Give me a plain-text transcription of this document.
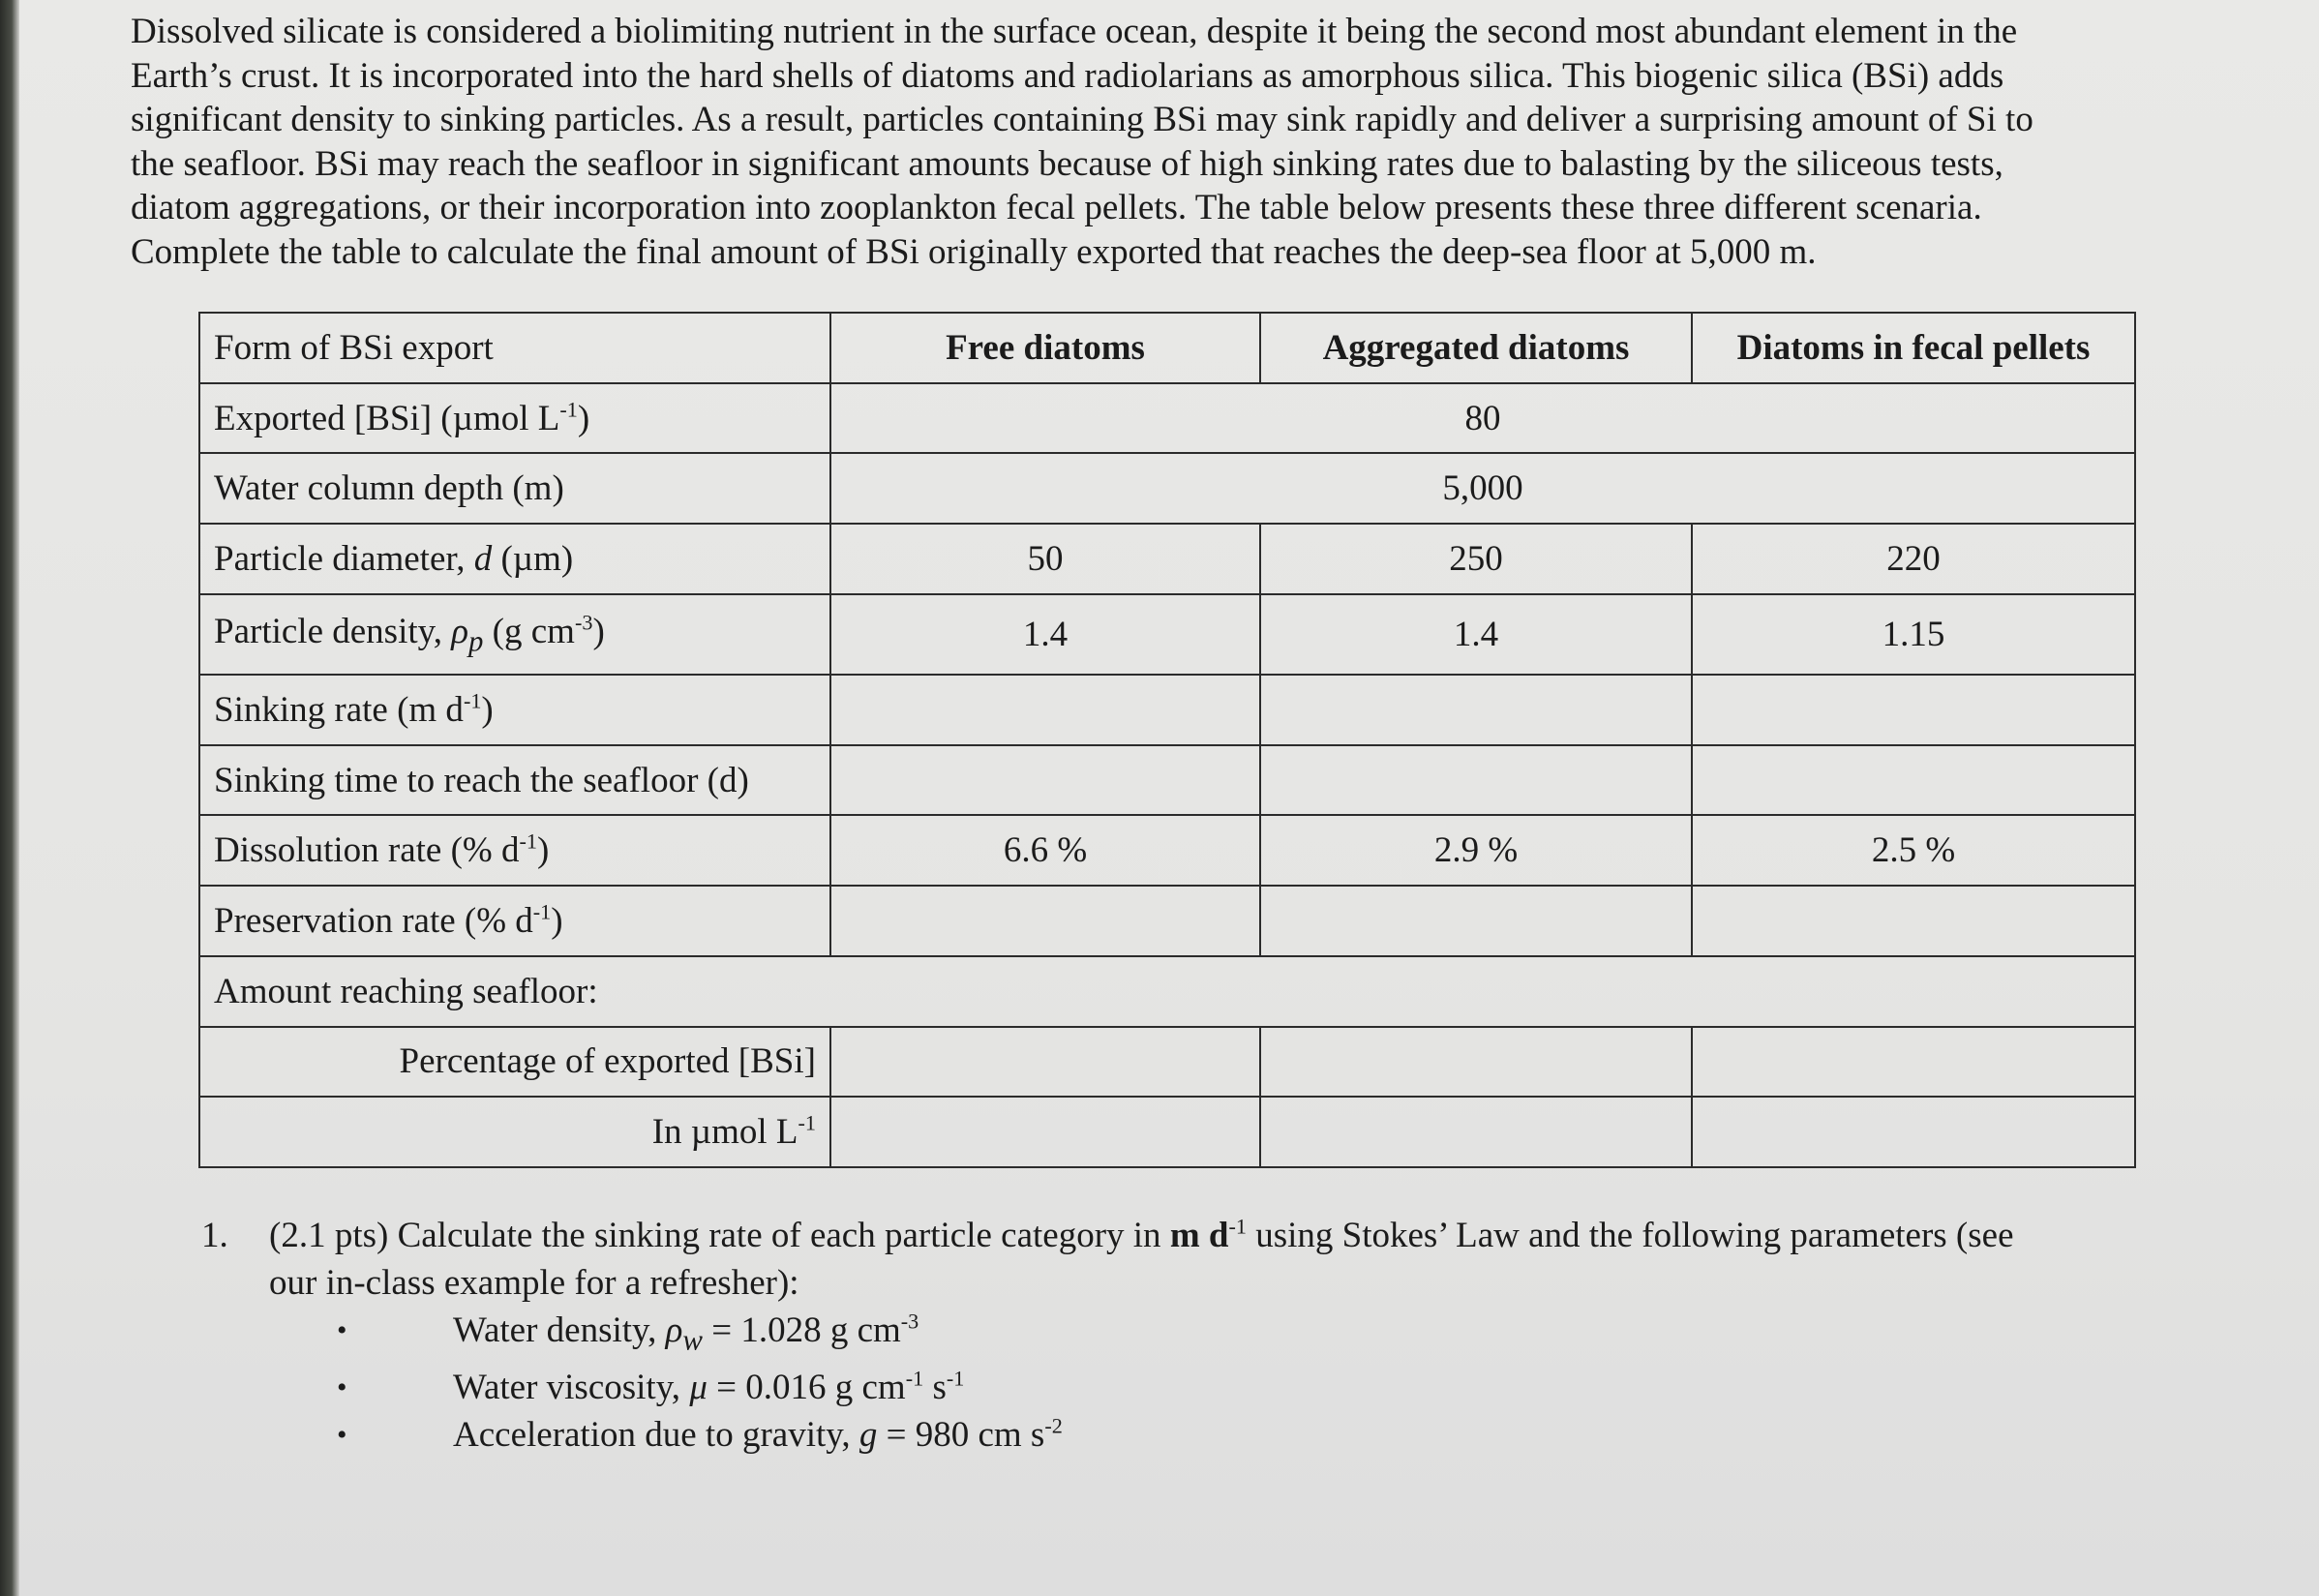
Dissolved silicate is considered a biolimiting nutrient in the surface ocean, despite it being the second most abundant element in the

Earth’s crust. It is incorporated into the hard shells of diatoms and radiolarians as amorphous silica. This biogenic silica (BSi) adds

significant density to sinking particles. As a result, particles containing BSi may sink rapidly and deliver a surprising amount of Si to

the seafloor. BSi may reach the seafloor in significant amounts because of high sinking rates due to balasting by the siliceous tests,

diatom aggregations, or their incorporation into zooplankton fecal pellets. The table below presents these three different scenaria.

Complete the table to calculate the final amount of BSi originally exported that reaches the deep-sea floor at 5,000 m.

Form of BSi export	Free diatoms	Aggregated diatoms	Diatoms in fecal pellets
Exported [BSi] (µmol $L^{-1}$)	80		
Water column depth (m)	5,000		
Particle diameter, d (µm)	50	250	220
Particle density, $\rho_p$ (g $cm^{-3}$)	1.4	1.4	1.15
Sinking rate (m $d^{-1}$)			
Sinking time to reach the seafloor (d)			
Dissolution rate (% $d^{-1}$)	6.6 %	2.9 %	2.5 %
Preservation rate (% $d^{-1}$)			
Amount reaching seafloor:			
Percentage of exported [BSi]			
In µmol $L^{-1}$			
1. (2.1 pts) Calculate the sinking rate of each particle category in m $d^{-1}$ using Stokes’ Law and the following parameters (see
our in-class example for a refresher):
•	Water density, $\rho_w = 1.028$ g $cm^{-3}$
•	Water viscosity, μ = 0.016 g $cm^{-1}$ $s^{-1}$
•	Acceleration due to gravity, g = 980 cm $s^{-2}$
